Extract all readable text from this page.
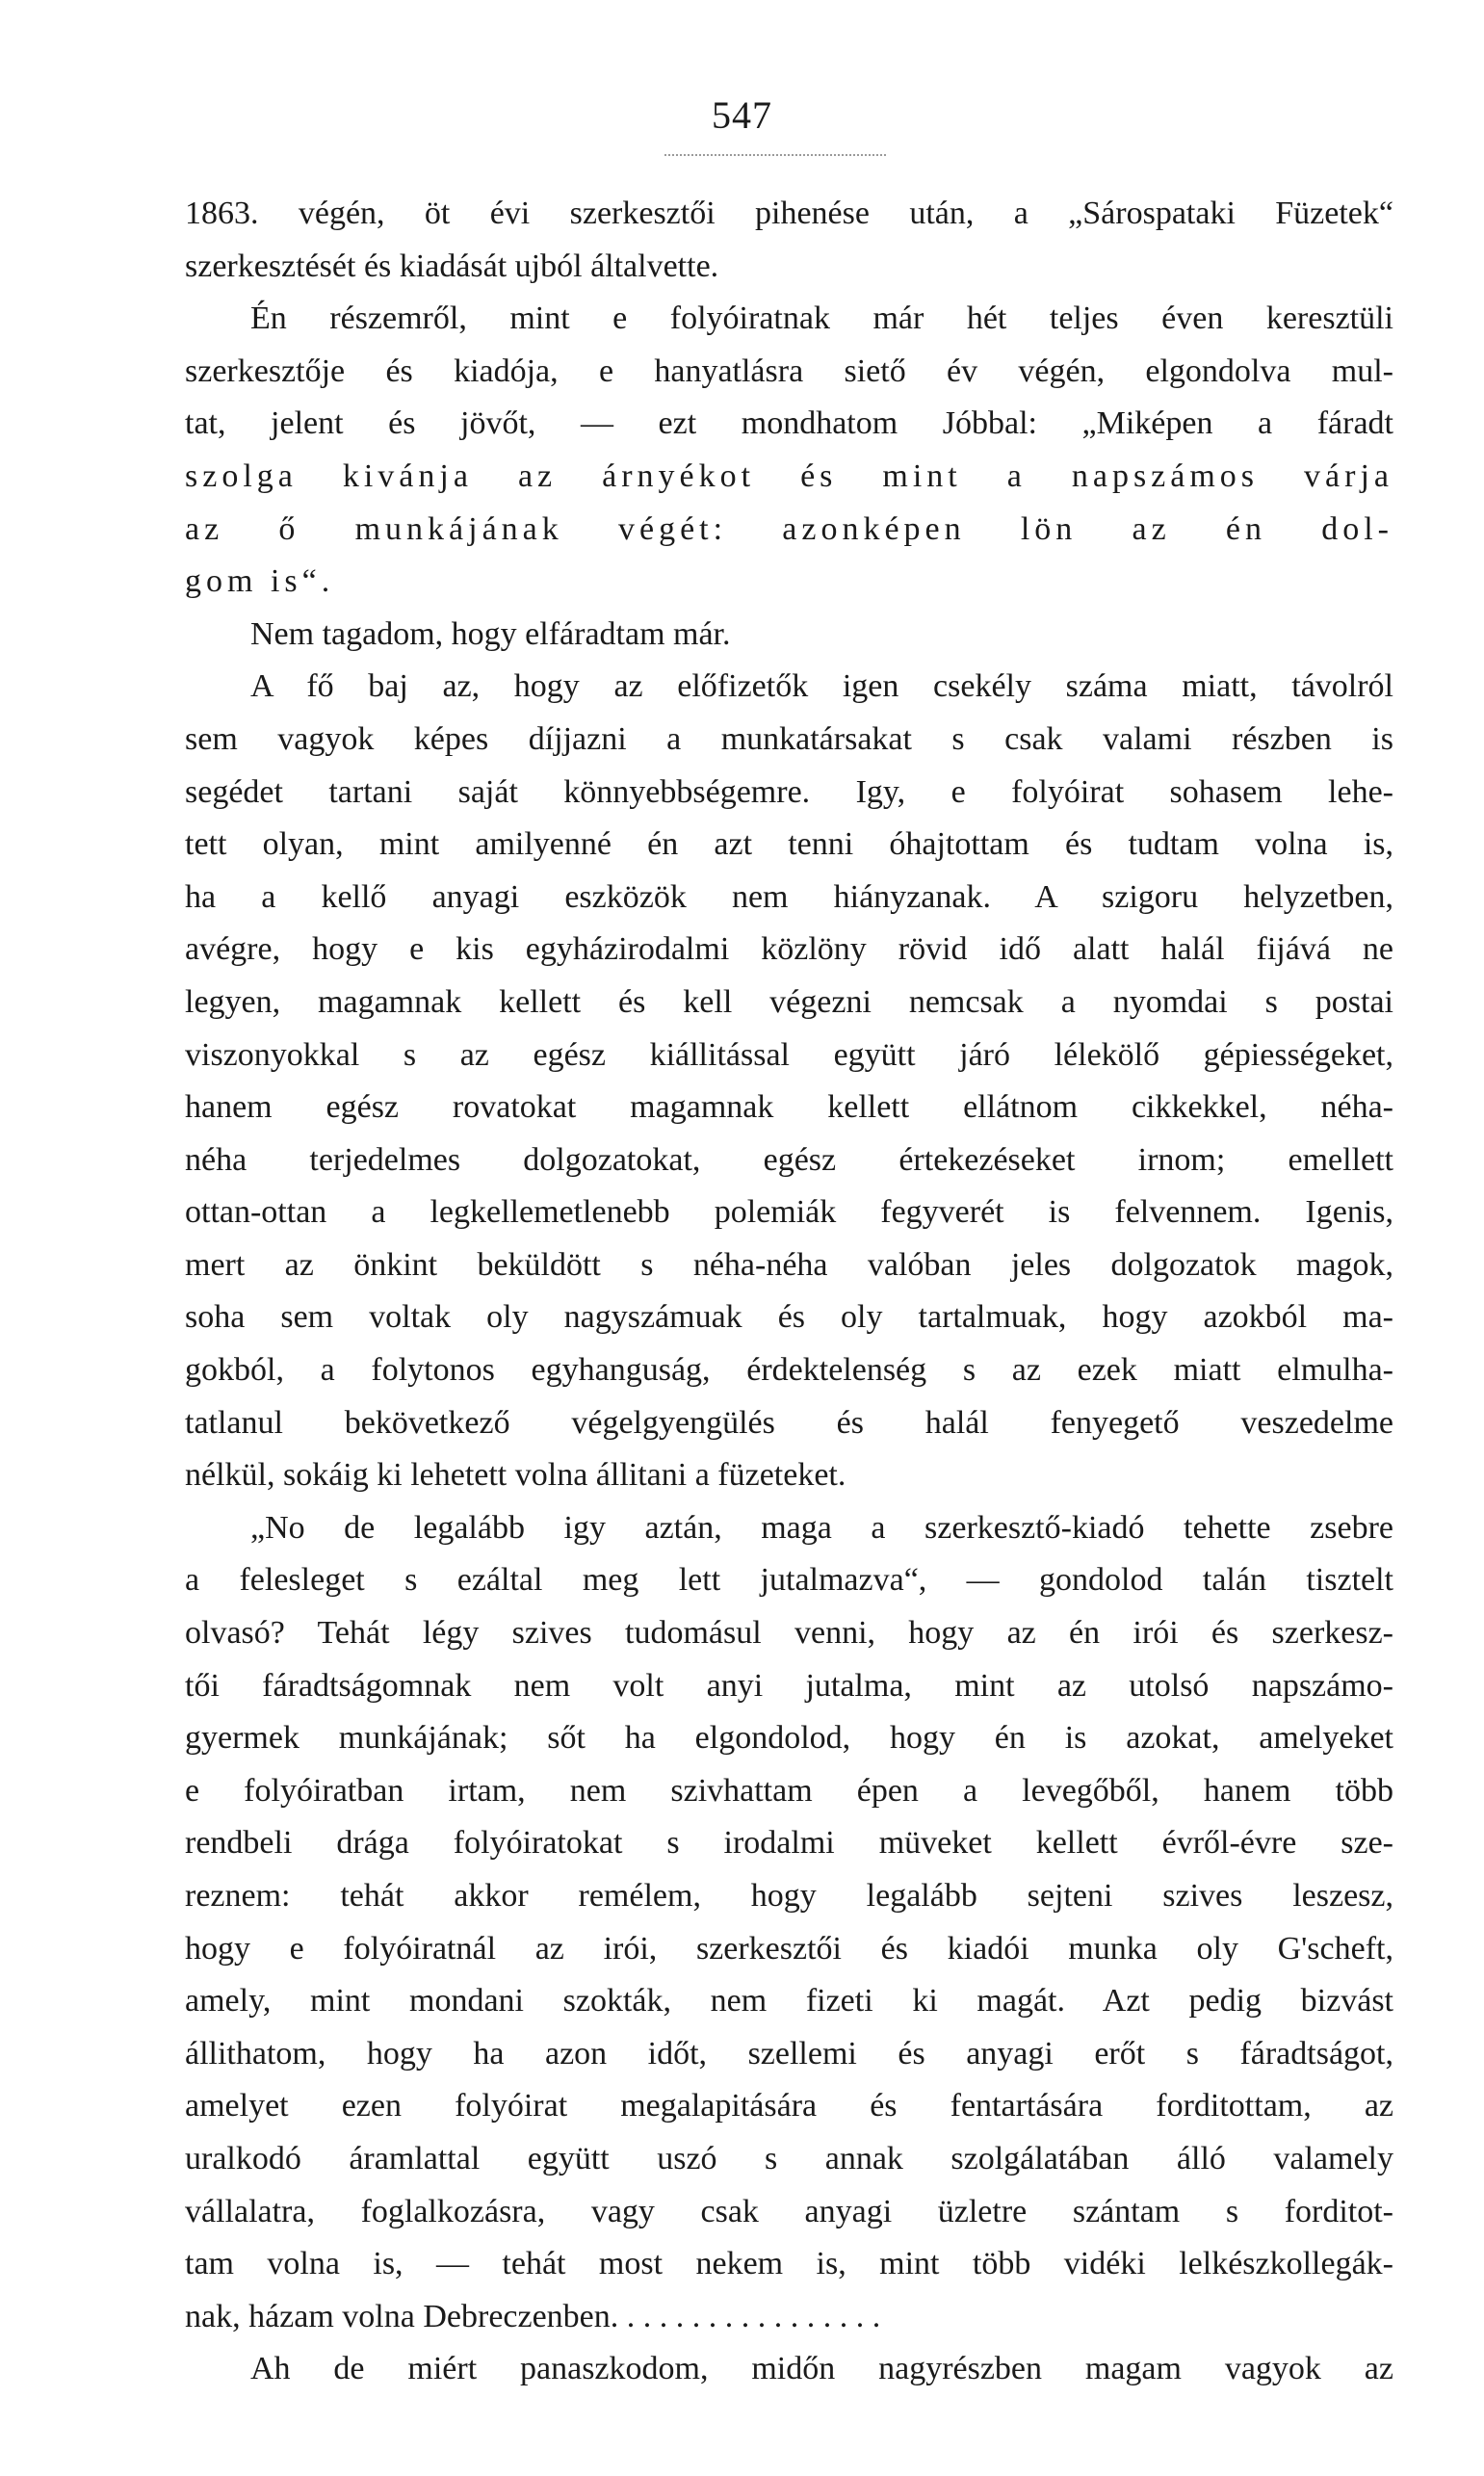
547
1863. végén, öt évi szerkesztői pihenése után, a „Sárospataki Füzetek“
szerkesztését és kiadását ujból általvette.
Én részemről, mint e folyóiratnak már hét teljes éven keresztüli
szerkesztője és kiadója, e hanyatlásra siető év végén, elgondolva mul-
tat, jelent és jövőt, — ezt mondhatom Jóbbal: „Miképen a fáradt
szolga kivánja az árnyékot és mint a napszámos várja
az ő munkájának végét: azonképen lön az én dol-
gom is“.
Nem tagadom, hogy elfáradtam már.
A fő baj az, hogy az előfizetők igen csekély száma miatt, távolról
sem vagyok képes díjjazni a munkatársakat s csak valami részben is
segédet tartani saját könnyebbségemre. Igy, e folyóirat sohasem lehe-
tett olyan, mint amilyenné én azt tenni óhajtottam és tudtam volna is,
ha a kellő anyagi eszközök nem hiányzanak. A szigoru helyzetben,
avégre, hogy e kis egyházirodalmi közlöny rövid idő alatt halál fijává ne
legyen, magamnak kellett és kell végezni nemcsak a nyomdai s postai
viszonyokkal s az egész kiállitással együtt járó lélekölő gépiességeket,
hanem egész rovatokat magamnak kellett ellátnom cikkekkel, néha-
néha terjedelmes dolgozatokat, egész értekezéseket irnom; emellett
ottan-ottan a legkellemetlenebb polemiák fegyverét is felvennem. Igenis,
mert az önkint beküldött s néha-néha valóban jeles dolgozatok magok,
soha sem voltak oly nagyszámuak és oly tartalmuak, hogy azokból ma-
gokból, a folytonos egyhanguság, érdektelenség s az ezek miatt elmulha-
tatlanul bekövetkező végelgyengülés és halál fenyegető veszedelme
nélkül, sokáig ki lehetett volna állitani a füzeteket.
„No de legalább igy aztán, maga a szerkesztő-kiadó tehette zsebre
a felesleget s ezáltal meg lett jutalmazva“, — gondolod talán tisztelt
olvasó? Tehát légy szives tudomásul venni, hogy az én irói és szerkesz-
tői fáradtságomnak nem volt anyi jutalma, mint az utolsó napszámo-
gyermek munkájának; sőt ha elgondolod, hogy én is azokat, amelyeket
e folyóiratban irtam, nem szivhattam épen a levegőből, hanem több
rendbeli drága folyóiratokat s irodalmi müveket kellett évről-évre sze-
reznem: tehát akkor remélem, hogy legalább sejteni szives leszesz,
hogy e folyóiratnál az irói, szerkesztői és kiadói munka oly G'scheft,
amely, mint mondani szokták, nem fizeti ki magát. Azt pedig bizvást
állithatom, hogy ha azon időt, szellemi és anyagi erőt s fáradtságot,
amelyet ezen folyóirat megalapitására és fentartására forditottam, az
uralkodó áramlattal együtt uszó s annak szolgálatában álló valamely
vállalatra, foglalkozásra, vagy csak anyagi üzletre szántam s forditot-
tam volna is, — tehát most nekem is, mint több vidéki lelkészkollegák-
nak, házam volna Debreczenben. . . . . . . . . . . . . . . . .
Ah de miért panaszkodom, midőn nagyrészben magam vagyok az
